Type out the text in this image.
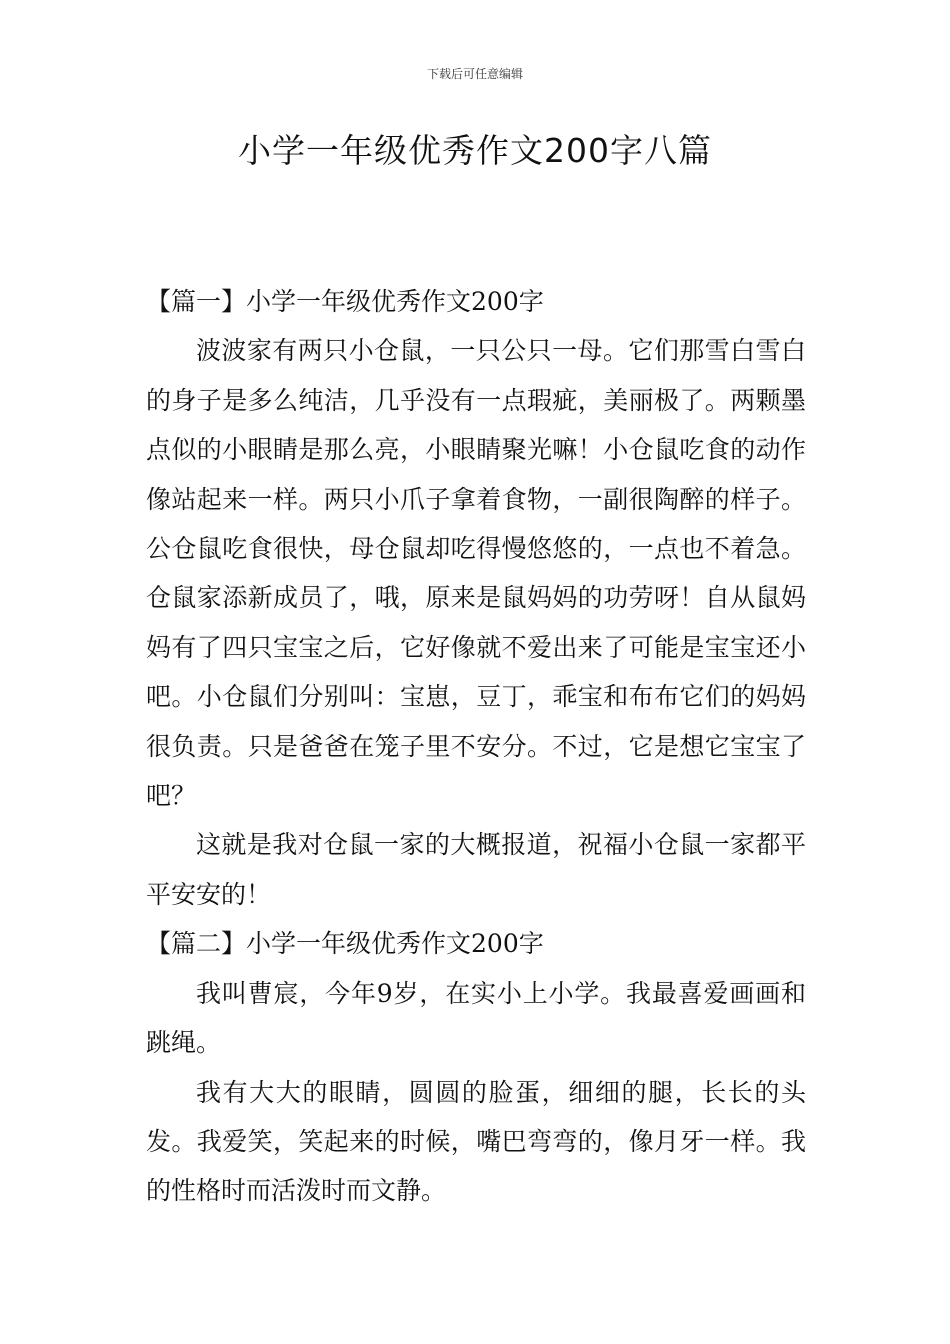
下载后可任意编辑
小学一年级优秀作文200字八篇

【篇一】小学一年级优秀作文200字

波波家有两只小仓鼠，一只公只一母。它们那雪白雪白的身子是多么纯洁，几乎没有一点瑕疵，美丽极了。两颗墨点似的小眼睛是那么亮，小眼睛聚光嘛！小仓鼠吃食的动作像站起来一样。两只小爪子拿着食物，一副很陶醉的样子。公仓鼠吃食很快，母仓鼠却吃得慢悠悠的，一点也不着急。仓鼠家添新成员了，哦，原来是鼠妈妈的功劳呀！自从鼠妈妈有了四只宝宝之后，它好像就不爱出来了可能是宝宝还小吧。小仓鼠们分别叫：宝崽，豆丁，乖宝和布布它们的妈妈很负责。只是爸爸在笼子里不安分。不过，它是想它宝宝了吧？

这就是我对仓鼠一家的大概报道，祝福小仓鼠一家都平平安安的！

【篇二】小学一年级优秀作文200字

我叫曹宸，今年9岁，在实小上小学。我最喜爱画画和跳绳。

我有大大的眼睛，圆圆的脸蛋，细细的腿，长长的头发。我爱笑，笑起来的时候，嘴巴弯弯的，像月牙一样。我的性格时而活泼时而文静。
